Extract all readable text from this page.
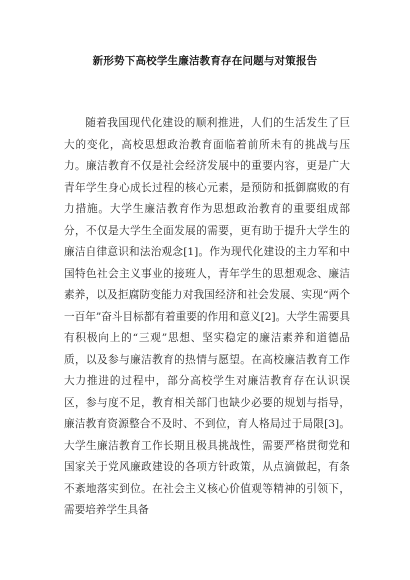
新形势下高校学生廉洁教育存在问题与对策报告

随着我国现代化建设的顺利推进，人们的生活发生了巨大的变化，高校思想政治教育面临着前所未有的挑战与压力。廉洁教育不仅是社会经济发展中的重要内容，更是广大青年学生身心成长过程的核心元素，是预防和抵御腐败的有力措施。大学生廉洁教育作为思想政治教育的重要组成部分，不仅是大学生全面发展的需要，更有助于提升大学生的廉洁自律意识和法治观念[1]。作为现代化建设的主力军和中国特色社会主义事业的接班人，青年学生的思想观念、廉洁素养，以及拒腐防变能力对我国经济和社会发展、实现“两个一百年”奋斗目标都有着重要的作用和意义[2]。大学生需要具有积极向上的“三观”思想、坚实稳定的廉洁素养和道德品质，以及参与廉洁教育的热情与愿望。在高校廉洁教育工作大力推进的过程中，部分高校学生对廉洁教育存在认识误区，参与度不足，教育相关部门也缺少必要的规划与指导，廉洁教育资源整合不及时、不到位，育人格局过于局限[3]。大学生廉洁教育工作长期且极具挑战性，需要严格贯彻党和国家关于党风廉政建设的各项方针政策，从点滴做起，有条不紊地落实到位。在社会主义核心价值观等精神的引领下，需要培养学生具备
